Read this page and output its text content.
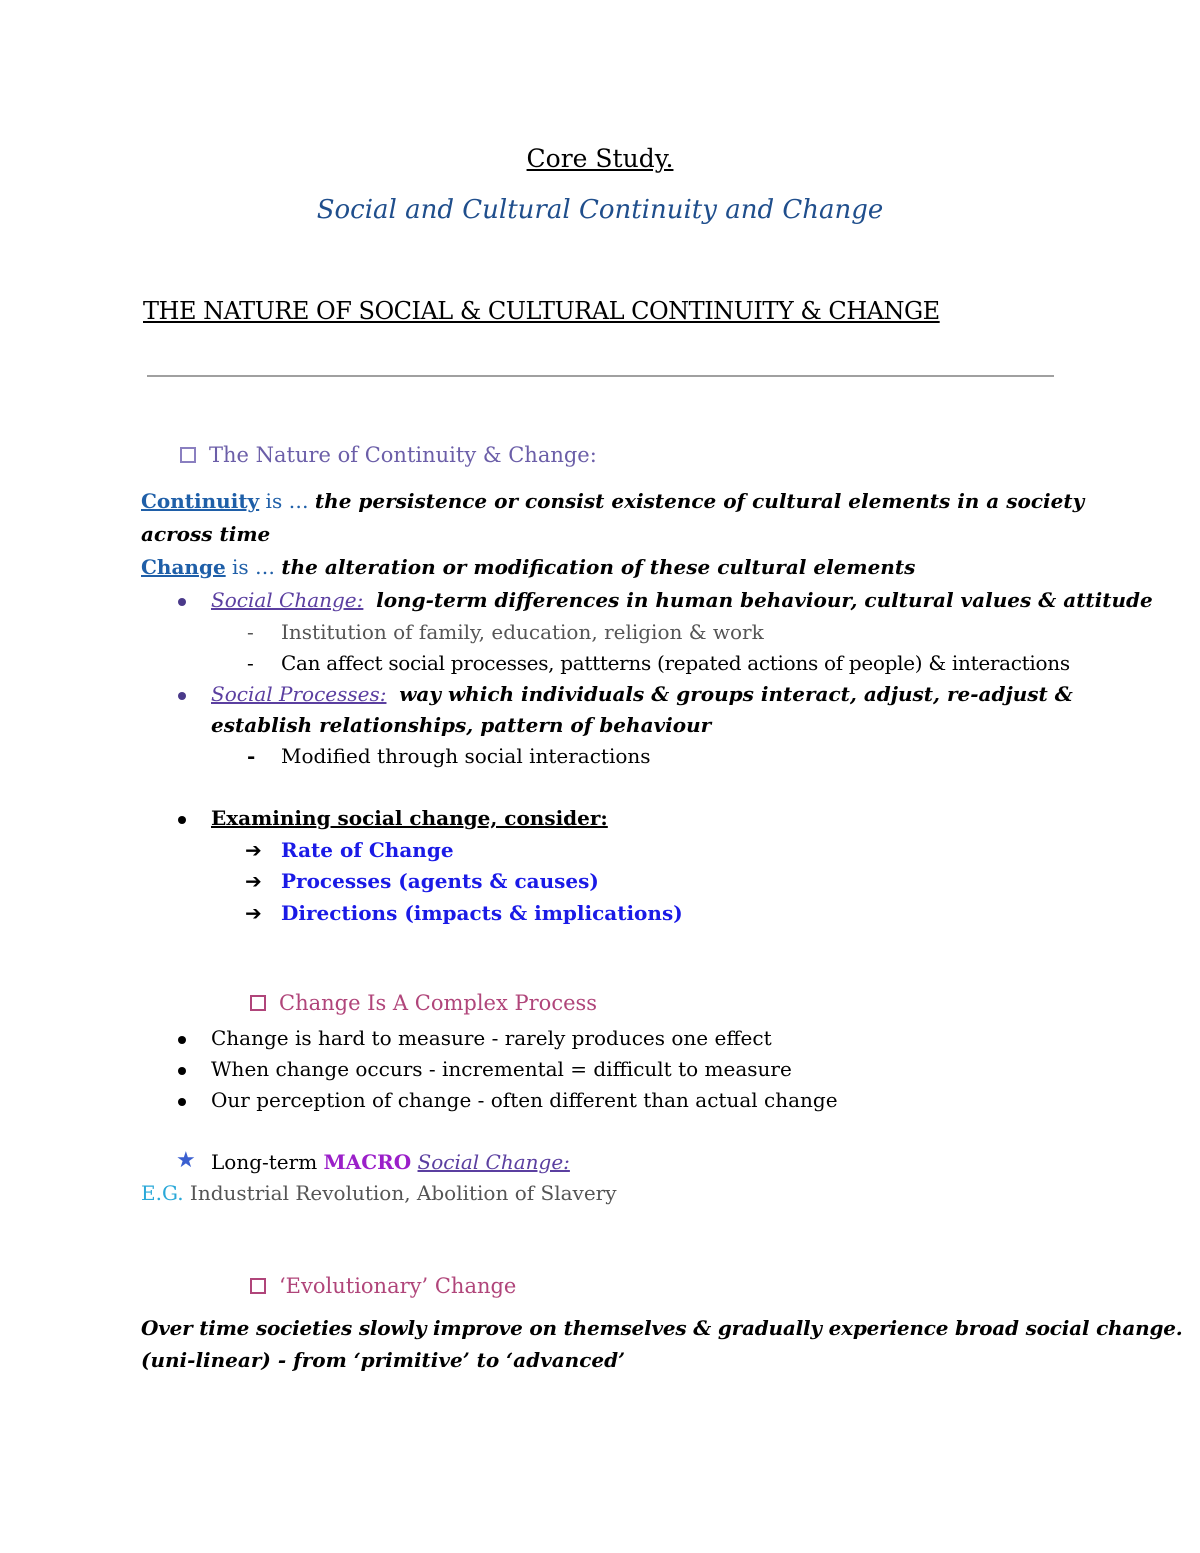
Core Study.
Social and Cultural Continuity and Change
THE NATURE OF SOCIAL & CULTURAL CONTINUITY & CHANGE
The Nature of Continuity & Change:
Continuity is … the persistence or consist existence of cultural elements in a society
across time
Change is … the alteration or modification of these cultural elements
Social Change: long-term differences in human behaviour, cultural values & attitude
- Institution of family, education, religion & work
- Can affect social processes, pattterns (repated actions of people) & interactions
Social Processes: way which individuals & groups interact, adjust, re-adjust &
establish relationships, pattern of behaviour
- Modified through social interactions
Examining social change, consider:
➔ Rate of Change
➔ Processes (agents & causes)
➔ Directions (impacts & implications)
Change Is A Complex Process
Change is hard to measure - rarely produces one effect
When change occurs - incremental = difficult to measure
Our perception of change - often different than actual change
★ Long-term MACRO Social Change:
E.G. Industrial Revolution, Abolition of Slavery
‘Evolutionary’ Change
Over time societies slowly improve on themselves & gradually experience broad social change.
(uni-linear) - from ‘primitive’ to ‘advanced’
